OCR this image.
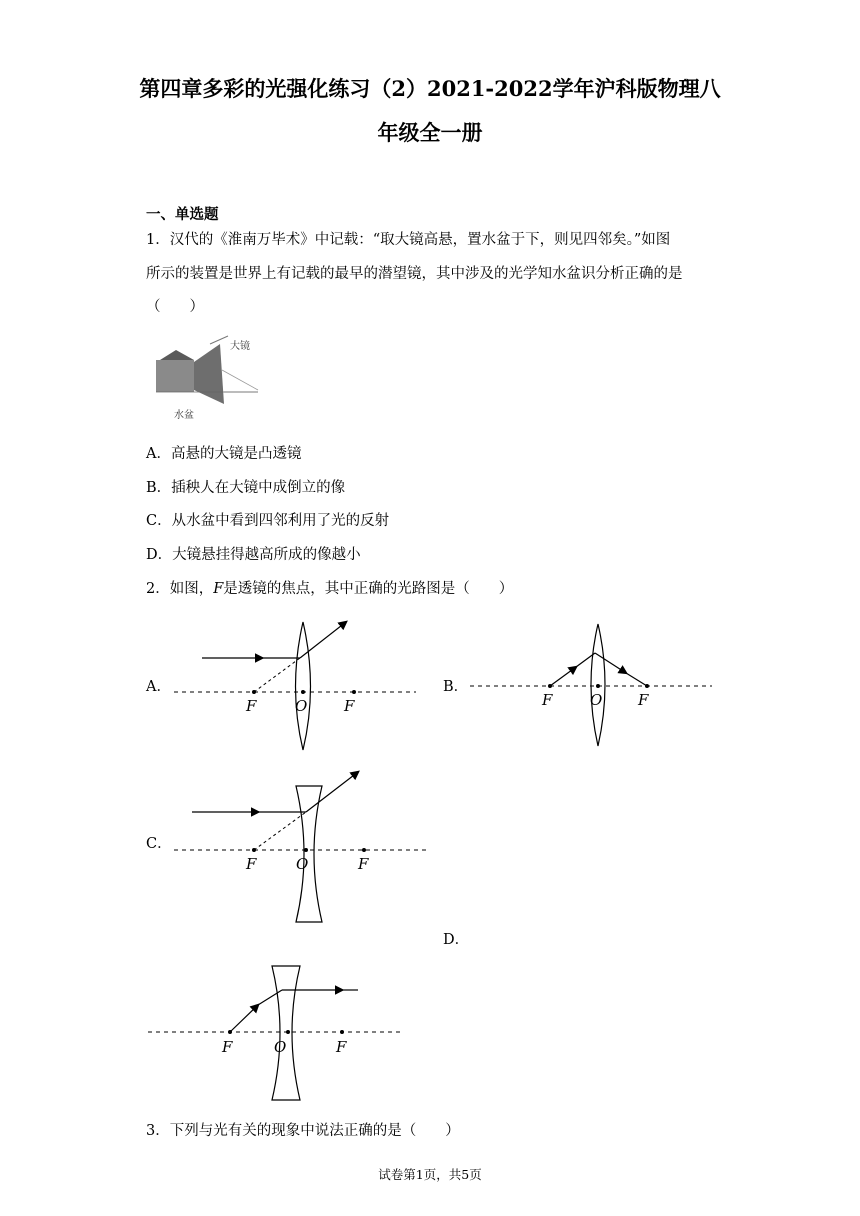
第四章多彩的光强化练习（2）2021-2022学年沪科版物理八
年级全一册
一、单选题
1．汉代的《淮南万毕术》中记载：“取大镜高悬，置水盆于下，则见四邻矣。”如图
所示的装置是世界上有记载的最早的潜望镜，其中涉及的光学知水盆识分析正确的是
（　　）
大镜
水盆
A．高悬的大镜是凸透镜
B．插秧人在大镜中成倒立的像
C．从水盆中看到四邻利用了光的反射
D．大镜悬挂得越高所成的像越小
2．如图，F是透镜的焦点，其中正确的光路图是（　　）
A．	B．
C．
D．
F	O F	F	O F
F	O	F
F	O	F
3．下列与光有关的现象中说法正确的是（　　）
试卷第1页，共5页
